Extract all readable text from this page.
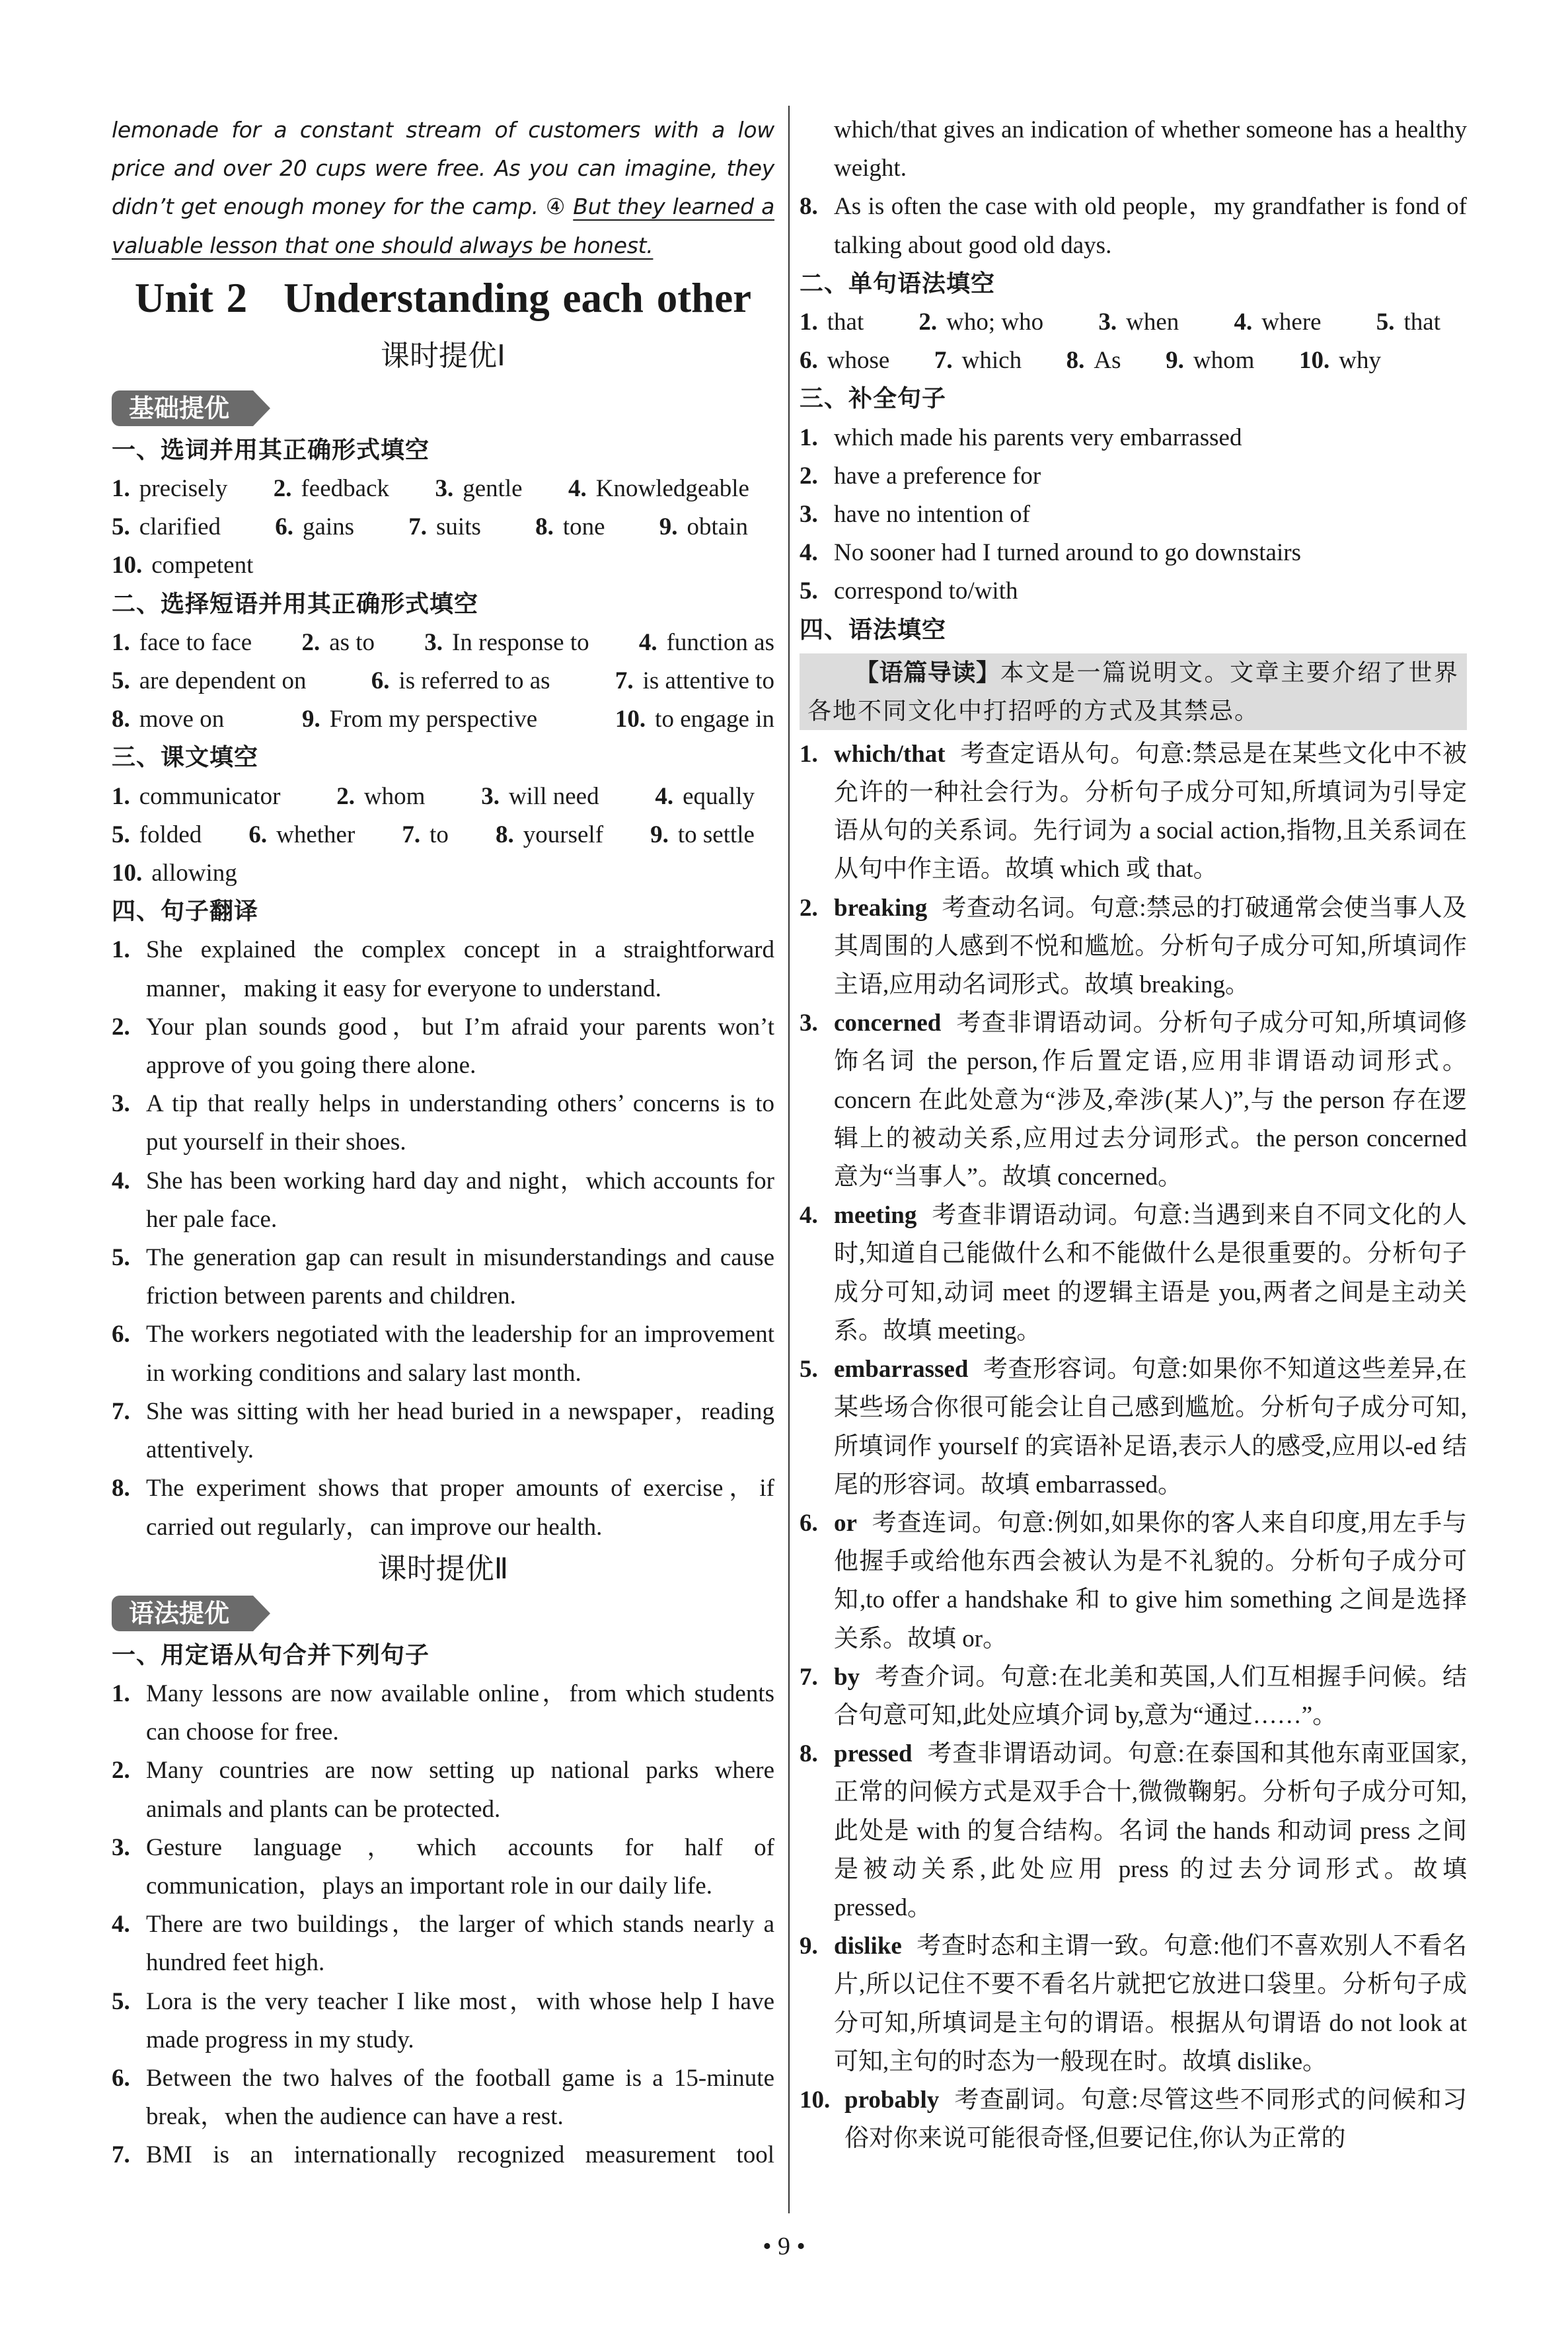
lemonade for a constant stream of customers with a low price and over 20 cups were free. As you can imagine, they didn’t get enough money for the camp. ④ But they learned a valuable lesson that one should always be honest.
Unit 2 Understanding each other
课时提优Ⅰ
基础提优
一、选词并用其正确形式填空
1. precisely 2. feedback 3. gentle 4. Knowledgeable
5. clarified 6. gains 7. suits 8. tone 9. obtain
10. competent
二、选择短语并用其正确形式填空
1. face to face 2. as to 3. In response to 4. function as
5. are dependent on	6. is referred to as	7. is attentive to
8. move on	9. From my perspective	10. to engage in
三、课文填空
1. communicator 2. whom 3. will need 4. equally
5. folded 6. whether 7. to 8. yourself 9. to settle
10. allowing
四、句子翻译
1. She explained the complex concept in a straightforward manner，making it easy for everyone to understand.
2. Your plan sounds good，but I’m afraid your parents won’t approve of you going there alone.
3. A tip that really helps in understanding others’ concerns is to put yourself in their shoes.
4. She has been working hard day and night，which accounts for her pale face.
5. The generation gap can result in misunderstandings and cause friction between parents and children.
6. The workers negotiated with the leadership for an improvement in working conditions and salary last month.
7. She was sitting with her head buried in a newspaper，reading attentively.
8. The experiment shows that proper amounts of exercise，if carried out regularly，can improve our health.
课时提优Ⅱ
语法提优
一、用定语从句合并下列句子
1. Many lessons are now available online，from which students can choose for free.
2. Many countries are now setting up national parks where animals and plants can be protected.
3. Gesture language，which accounts for half of communication，plays an important role in our daily life.
4. There are two buildings，the larger of which stands nearly a hundred feet high.
5. Lora is the very teacher I like most，with whose help I have made progress in my study.
6. Between the two halves of the football game is a 15-minute break，when the audience can have a rest.
7. BMI is an internationally recognized measurement tool
which/that gives an indication of whether someone has a healthy weight.
8. As is often the case with old people，my grandfather is fond of talking about good old days.
二、单句语法填空
1. that 2. who; who 3. when 4. where 5. that
6. whose 7. which 8. As 9. whom 10. why
三、补全句子
1. which made his parents very embarrassed
2. have a preference for
3. have no intention of
4. No sooner had I turned around to go downstairs
5. correspond to/with
四、语法填空
【语篇导读】本文是一篇说明文。文章主要介绍了世界各地不同文化中打招呼的方式及其禁忌。
1. which/that 考查定语从句。句意:禁忌是在某些文化中不被允许的一种社会行为。分析句子成分可知,所填词为引导定语从句的关系词。先行词为 a social action,指物,且关系词在从句中作主语。故填 which 或 that。
2. breaking 考查动名词。句意:禁忌的打破通常会使当事人及其周围的人感到不悦和尴尬。分析句子成分可知,所填词作主语,应用动名词形式。故填 breaking。
3. concerned 考查非谓语动词。分析句子成分可知,所填词修饰名词 the person,作后置定语,应用非谓语动词形式。concern 在此处意为“涉及,牵涉(某人)”,与 the person 存在逻辑上的被动关系,应用过去分词形式。the person concerned 意为“当事人”。故填 concerned。
4. meeting 考查非谓语动词。句意:当遇到来自不同文化的人时,知道自己能做什么和不能做什么是很重要的。分析句子成分可知,动词 meet 的逻辑主语是 you,两者之间是主动关系。故填 meeting。
5. embarrassed 考查形容词。句意:如果你不知道这些差异,在某些场合你很可能会让自己感到尴尬。分析句子成分可知,所填词作 yourself 的宾语补足语,表示人的感受,应用以-ed 结尾的形容词。故填 embarrassed。
6. or 考查连词。句意:例如,如果你的客人来自印度,用左手与他握手或给他东西会被认为是不礼貌的。分析句子成分可知,to offer a handshake 和 to give him something 之间是选择关系。故填 or。
7. by 考查介词。句意:在北美和英国,人们互相握手问候。结合句意可知,此处应填介词 by,意为“通过……”。
8. pressed 考查非谓语动词。句意:在泰国和其他东南亚国家,正常的问候方式是双手合十,微微鞠躬。分析句子成分可知,此处是 with 的复合结构。名词 the hands 和动词 press 之间是被动关系,此处应用 press 的过去分词形式。故填 pressed。
9. dislike 考查时态和主谓一致。句意:他们不喜欢别人不看名片,所以记住不要不看名片就把它放进口袋里。分析句子成分可知,所填词是主句的谓语。根据从句谓语 do not look at 可知,主句的时态为一般现在时。故填 dislike。
10. probably 考查副词。句意:尽管这些不同形式的问候和习俗对你来说可能很奇怪,但要记住,你认为正常的
• 9 •
